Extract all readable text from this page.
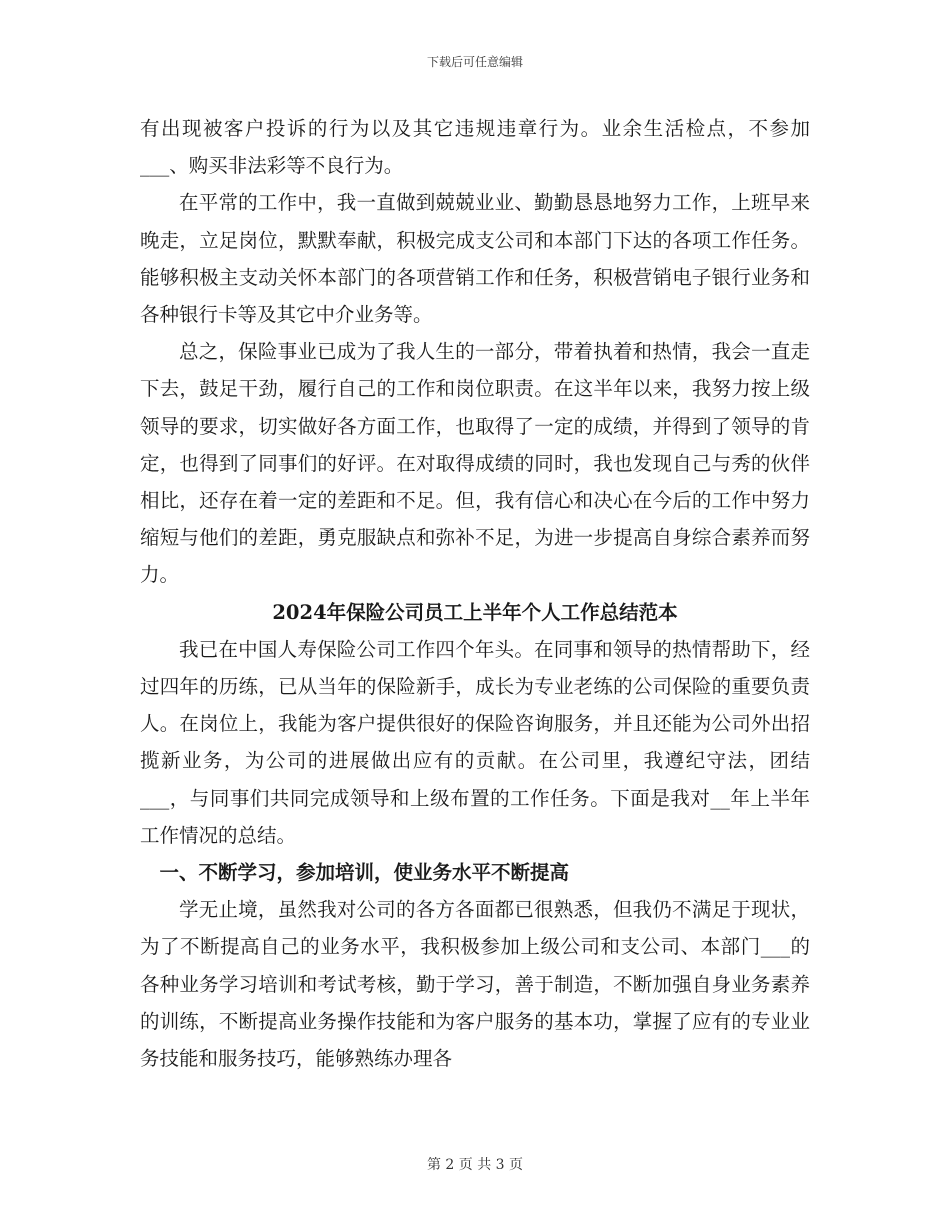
下载后可任意编辑

有出现被客户投诉的行为以及其它违规违章行为。业余生活检点，不参加___、购买非法彩等不良行为。

在平常的工作中，我一直做到兢兢业业、勤勤恳恳地努力工作，上班早来晚走，立足岗位，默默奉献，积极完成支公司和本部门下达的各项工作任务。能够积极主支动关怀本部门的各项营销工作和任务，积极营销电子银行业务和各种银行卡等及其它中介业务等。

总之，保险事业已成为了我人生的一部分，带着执着和热情，我会一直走下去，鼓足干劲，履行自己的工作和岗位职责。在这半年以来，我努力按上级领导的要求，切实做好各方面工作，也取得了一定的成绩，并得到了领导的肯定，也得到了同事们的好评。在对取得成绩的同时，我也发现自己与秀的伙伴相比，还存在着一定的差距和不足。但，我有信心和决心在今后的工作中努力缩短与他们的差距，勇克服缺点和弥补不足，为进一步提高自身综合素养而努力。

2024年保险公司员工上半年个人工作总结范本

我已在中国人寿保险公司工作四个年头。在同事和领导的热情帮助下，经过四年的历练，已从当年的保险新手，成长为专业老练的公司保险的重要负责人。在岗位上，我能为客户提供很好的保险咨询服务，并且还能为公司外出招揽新业务，为公司的进展做出应有的贡献。在公司里，我遵纪守法，团结___，与同事们共同完成领导和上级布置的工作任务。下面是我对__年上半年工作情况的总结。

一、不断学习，参加培训，使业务水平不断提高

学无止境，虽然我对公司的各方各面都已很熟悉，但我仍不满足于现状，为了不断提高自己的业务水平，我积极参加上级公司和支公司、本部门___的各种业务学习培训和考试考核，勤于学习，善于制造，不断加强自身业务素养的训练，不断提高业务操作技能和为客户服务的基本功，掌握了应有的专业业务技能和服务技巧，能够熟练办理各

第 2 页 共 3 页
